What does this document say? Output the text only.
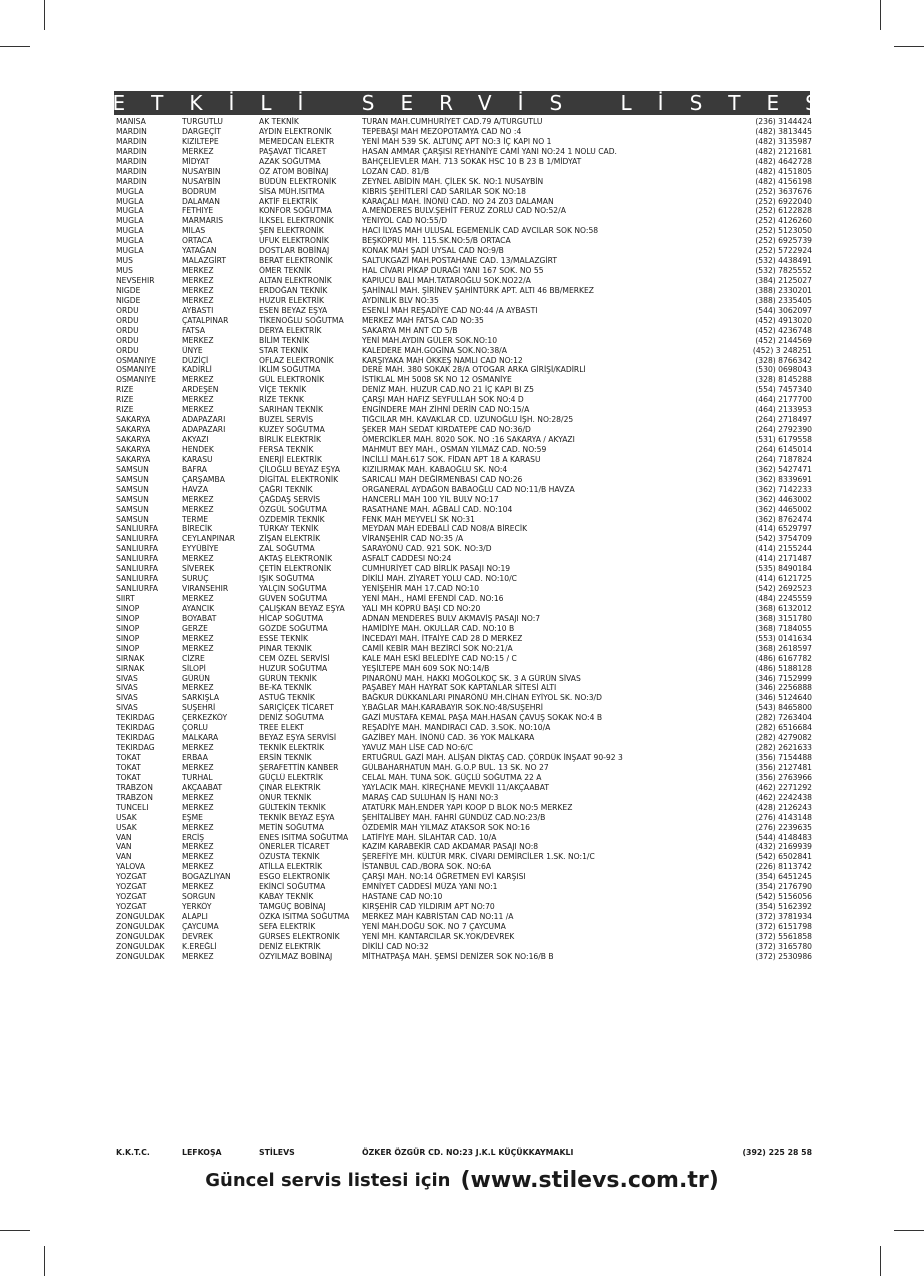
YETKİLİ SERVİS LİSTESİ
MANISA	TURGUTLU	AK TEKNİK	TURAN MAH.CUMHURİYET CAD.79 A/TURGUTLU	(236) 3144424
MARDIN	DARGEÇİT	AYDIN ELEKTRONİK	TEPEBAŞI MAH MEZOPOTAMYA CAD NO :4	(482) 3813445
MARDIN	KIZILTEPE	MEMEDCAN ELEKTR	YENİ MAH 539 SK. ALTUNÇ APT NO:3 İÇ KAPI NO 1	(482) 3135987
MARDIN	MERKEZ	PAŞAVAT TİCARET	HASAN AMMAR ÇARŞISI REYHANİYE CAMİ YANI NO:24 1 NOLU CAD.	(482) 2121681
MARDIN	MİDYAT	AZAK SOĞUTMA	BAHÇELİEVLER MAH. 713 SOKAK HSC 10 B 23 B 1/MİDYAT	(482) 4642728
MARDIN	NUSAYBIN	ÖZ ATOM BOBİNAJ	LOZAN CAD. 81/B	(482) 4151805
MARDIN	NUSAYBİN	BÜDÜN ELEKTRONİK	ZEYNEL ABİDİN MAH. ÇİLEK SK. NO:1 NUSAYBİN	(482) 4156198
MUGLA	BODRUM	SİSA MÜH.ISITMA	KIBRIS ŞEHİTLERİ CAD SARILAR SOK NO:18	(252) 3637676
MUGLA	DALAMAN	AKTİF ELEKTRİK	KARAÇALI MAH. İNÖNÜ CAD. NO 24 Z03 DALAMAN	(252) 6922040
MUGLA	FETHIYE	KONFOR SOĞUTMA	A.MENDERES BULV.ŞEHİT FERUZ ZORLU CAD NO:52/A	(252) 6122828
MUGLA	MARMARIS	İLKSEL ELEKTRONİK	YENIYOL CAD NO:55/D	(252) 4126260
MUGLA	MILAS	ŞEN ELEKTRONİK	HACI İLYAS MAH ULUSAL EGEMENLİK CAD AVCILAR SOK NO:58	(252) 5123050
MUGLA	ORTACA	UFUK ELEKTRONİK	BEŞKÖPRÜ MH. 115.SK.NO:5/B ORTACA	(252) 6925739
MUGLA	YATAĞAN	DOSTLAR BOBİNAJ	KONAK MAH ŞADİ UYSAL CAD NO:9/B	(252) 5722924
MUS	MALAZGİRT	BERAT ELEKTRONİK	SALTUKGAZİ MAH.POSTAHANE CAD. 13/MALAZGİRT	(532) 4438491
MUS	MERKEZ	ÖMER TEKNİK	HAL CİVARI PİKAP DURAĞI YANI 167 SOK. NO 55	(532) 7825552
NEVSEHIR	MERKEZ	ALTAN ELEKTRONİK	KAPIUCU BALI MAH.TATAROĞLU SOK.NO22/A	(384) 2125027
NIGDE	MERKEZ	ERDOĞAN TEKNİK	ŞAHİNALİ MAH. ŞİRİNEV ŞAHİNTÜRK APT. ALTI 46 BB/MERKEZ	(388) 2330201
NIGDE	MERKEZ	HUZUR ELEKTRİK	AYDINLIK BLV NO:35	(388) 2335405
ORDU	AYBASTI	ESEN BEYAZ EŞYA	ESENLİ MAH REŞADİYE CAD NO:44 /A AYBASTI	(544) 3062097
ORDU	ÇATALPINAR	TİKENOĞLU SOĞUTMA	MERKEZ MAH FATSA CAD NO:35	(452) 4913020
ORDU	FATSA	DERYA ELEKTRİK	SAKARYA MH ANT CD 5/B	(452) 4236748
ORDU	MERKEZ	BİLİM TEKNİK	YENİ MAH.AYDIN GÜLER SOK.NO:10	(452) 2144569
ORDU	ÜNYE	STAR TEKNİK	KALEDERE MAH.GOGİNA SOK.NO:38/A	(452) 3 248251
OSMANIYE	DÜZİÇİ	OFLAZ ELEKTRONİK	KARŞIYAKA MAH ÖKKEŞ NAMLI CAD NO:12	(328) 8766342
OSMANIYE	KADİRLİ	İKLİM SOĞUTMA	DERE MAH. 380 SOKAK 28/A OTOGAR ARKA GİRİŞİ/KADİRLİ	(530) 0698043
OSMANIYE	MERKEZ	GÜL ELEKTRONİK	İSTİKLAL MH 5008 SK NO 12 OSMANİYE	(328) 8145288
RIZE	ARDEŞEN	VİÇE TEKNİK	DENİZ MAH. HUZUR CAD.NO 21 İÇ KAPI BI Z5	(554) 7457340
RIZE	MERKEZ	RİZE TEKNK	ÇARŞI MAH HAFIZ SEYFULLAH SOK NO:4 D	(464) 2177700
RIZE	MERKEZ	SARIHAN TEKNİK	ENGİNDERE MAH ZİHNİ DERİN CAD NO:15/A	(464) 2133953
SAKARYA	ADAPAZARI	BUZEL SERVİS	TIĞCILAR MH. KAVAKLAR CD. UZUNOĞLU İŞH. NO:28/25	(264) 2718497
SAKARYA	ADAPAZARI	KUZEY SOĞUTMA	ŞEKER MAH SEDAT KIRDATEPE CAD NO:36/D	(264) 2792390
SAKARYA	AKYAZI	BİRLİK ELEKTRİK	ÖMERCİKLER MAH. 8020 SOK. NO :16 SAKARYA / AKYAZI	(531) 6179558
SAKARYA	HENDEK	FERSA TEKNİK	MAHMUT BEY MAH., OSMAN YILMAZ CAD. NO:59	(264) 6145014
SAKARYA	KARASU	ENERJİ ELEKTRİK	İNCİLLİ MAH.617 SOK. FİDAN APT 18 A KARASU	(264) 7187824
SAMSUN	BAFRA	ÇİLOĞLU BEYAZ EŞYA	KIZILIRMAK MAH. KABAOĞLU SK. NO:4	(362) 5427471
SAMSUN	ÇARŞAMBA	DİGİTAL ELEKTRONİK	SARICALI MAH DEĞİRMENBASI CAD NO:26	(362) 8339691
SAMSUN	HAVZA	ÇAĞRI TEKNİK	ORGANERAL AYDAĞON BABAOĞLU CAD NO:11/B HAVZA	(362) 7142233
SAMSUN	MERKEZ	ÇAĞDAŞ SERVİS	HANCERLI MAH 100 YIL BULV NO:17	(362) 4463002
SAMSUN	MERKEZ	ÖZGÜL SOĞUTMA	RASATHANE MAH. AĞBALİ CAD. NO:104	(362) 4465002
SAMSUN	TERME	ÖZDEMİR TEKNİK	FENK MAH MEYVELİ SK NO:31	(362) 8762474
SANLIURFA	BİRECİK	TÜRKAY TEKNİK	MEYDAN MAH EDEBALİ CAD NO8/A BİRECİK	(414) 6529797
SANLIURFA	CEYLANPINAR	ZİŞAN ELEKTRİK	VİRANŞEHİR CAD NO:35 /A	(542) 3754709
SANLIURFA	EYYÜBİYE	ZAL SOĞUTMA	SARAYÖNÜ CAD. 921 SOK. NO:3/D	(414) 2155244
SANLIURFA	MERKEZ	AKTAŞ ELEKTRONİK	ASFALT CADDESI NO:24	(414) 2171487
SANLIURFA	SİVEREK	ÇETİN ELEKTRONİK	CUMHURİYET CAD BİRLİK PASAJI NO:19	(535) 8490184
SANLIURFA	SURUÇ	IŞIK SOĞUTMA	DİKİLİ MAH. ZİYARET YOLU CAD. NO:10/C	(414) 6121725
SANLIURFA	VIRANSEHIR	YALÇIN SOĞUTMA	YENİŞEHİR MAH 17.CAD NO:10	(542) 2692523
SIIRT	MERKEZ	GÜVEN SOĞUTMA	YENİ MAH., HAMİ EFENDİ CAD. NO:16	(484) 2245559
SINOP	AYANCIK	ÇALIŞKAN BEYAZ EŞYA	YALI MH KÖPRÜ BAŞI CD NO:20	(368) 6132012
SINOP	BOYABAT	HİCAP SOĞUTMA	ADNAN MENDERES BULV AKMAVİŞ PASAJI NO:7	(368) 3151780
SINOP	GERZE	GÖZDE SOĞUTMA	HAMİDİYE MAH. OKULLAR CAD. NO:10 B	(368) 7184055
SINOP	MERKEZ	ESSE TEKNİK	İNCEDAYI MAH. İTFAİYE CAD 28 D MERKEZ	(553) 0141634
SINOP	MERKEZ	PINAR TEKNİK	CAMİİ KEBİR MAH BEZİRCİ SOK NO:21/A	(368) 2618597
SIRNAK	CİZRE	CEM ÖZEL SERVİSİ	KALE MAH ESKİ BELEDİYE CAD NO:15 / C	(486) 6167782
SIRNAK	SİLOPİ	HUZUR SOĞUTMA	YEŞİLTEPE MAH 609 SOK NO:14/B	(486) 5188128
SIVAS	GÜRÜN	GÜRÜN TEKNİK	PINARÖNÜ MAH. HAKKI MOĞOLKOÇ SK. 3 A GÜRÜN SİVAS	(346) 7152999
SIVAS	MERKEZ	BE-KA TEKNİK	PAŞABEY MAH HAYRAT SOK KAPTANLAR SİTESİ ALTI	(346) 2256888
SIVAS	SARKIŞLA	ASTUĞ TEKNİK	BAĞKUR DÜKKANLARI PINARÖNÜ MH.CİHAN EYİYOL SK. NO:3/D	(346) 5124640
SIVAS	SUŞEHRİ	SARIÇİÇEK TİCARET	Y.BAĞLAR MAH.KARABAYIR SOK.NO:48/SUŞEHRİ	(543) 8465800
TEKIRDAG	ÇERKEZKÖY	DENİZ SOĞUTMA	GAZİ MUSTAFA KEMAL PAŞA MAH.HASAN ÇAVUŞ SOKAK NO:4 B	(282) 7263404
TEKIRDAG	ÇORLU	TREE ELEKT	REŞADİYE MAH. MANDIRACI CAD. 3.SOK. NO:10/A	(282) 6516684
TEKIRDAG	MALKARA	BEYAZ EŞYA SERVİSİ	GAZİBEY MAH. İNÖNÜ CAD. 36 YOK MALKARA	(282) 4279082
TEKIRDAG	MERKEZ	TEKNİK ELEKTRİK	YAVUZ MAH LİSE CAD NO:6/C	(282) 2621633
TOKAT	ERBAA	ERSİN TEKNİK	ERTUĞRUL GAZİ MAH. ALİŞAN DİKTAŞ CAD. ÇÖRDÜK İNŞAAT 90-92 3	(356) 7154488
TOKAT	MERKEZ	ŞERAFETTİN KANBER	GÜLBAHARHATUN MAH. G.O.P BUL. 13 SK. NO 27	(356) 2127481
TOKAT	TURHAL	GÜÇLÜ ELEKTRİK	CELAL MAH. TUNA SOK. GÜÇLÜ SOĞUTMA 22 A	(356) 2763966
TRABZON	AKÇAABAT	ÇINAR ELEKTRİK	YAYLACIK MAH. KİREÇHANE MEVKİİ 11/AKÇAABAT	(462) 2271292
TRABZON	MERKEZ	ONUR TEKNİK	MARAŞ CAD SULUHAN İŞ HANI NO:3	(462) 2242438
TUNCELI	MERKEZ	GÜLTEKİN TEKNİK	ATATÜRK MAH.ENDER YAPI KOOP D BLOK NO:5 MERKEZ	(428) 2126243
USAK	EŞME	TEKNİK BEYAZ EŞYA	ŞEHİTALİBEY MAH. FAHRİ GÜNDÜZ CAD.NO:23/B	(276) 4143148
USAK	MERKEZ	METİN SOĞUTMA	ÖZDEMİR MAH YILMAZ ATAKSOR SOK NO:16	(276) 2239635
VAN	ERCİŞ	ENES ISITMA SOĞUTMA	LATİFİYE MAH. SİLAHTAR CAD. 10/A	(544) 4148483
VAN	MERKEZ	ÖNERLER TİCARET	KAZIM KARABEKİR CAD AKDAMAR PASAJI NO:8	(432) 2169939
VAN	MERKEZ	ÖZUSTA TEKNİK	ŞEREFİYE MH. KÜLTÜR MRK. CİVARI DEMİRCİLER 1.SK. NO:1/C	(542) 6502841
YALOVA	MERKEZ	ATİLLA ELEKTRİK	İSTANBUL CAD./BORA SOK. NO:6A	(226) 8113742
YOZGAT	BOGAZLIYAN	ESGO ELEKTRONİK	ÇARŞI MAH. NO:14 ÖĞRETMEN EVİ KARŞISI	(354) 6451245
YOZGAT	MERKEZ	EKİNCİ SOĞUTMA	EMNİYET CADDESİ MÜZA YANI NO:1	(354) 2176790
YOZGAT	SORGUN	KABAY TEKNİK	HASTANE CAD NO:10	(542) 5156056
YOZGAT	YERKÖY	TAMGÜÇ BOBİNAJ	KIRŞEHİR CAD YILDIRIM APT NO:70	(354) 5162392
ZONGULDAK	ALAPLI	ÖZKA ISITMA SOĞUTMA	MERKEZ MAH KABRİSTAN CAD NO:11 /A	(372) 3781934
ZONGULDAK	ÇAYCUMA	SEFA ELEKTRİK	YENİ MAH.DOĞU SOK. NO 7 ÇAYCUMA	(372) 6151798
ZONGULDAK	DEVREK	GÜRSES ELEKTRONİK	YENİ MH. KANTARCILAR SK.YOK/DEVREK	(372) 5561858
ZONGULDAK	K.EREĞLİ	DENİZ ELEKTRİK	DİKİLİ CAD NO:32	(372) 3165780
ZONGULDAK	MERKEZ	ÖZYILMAZ BOBİNAJ	MİTHATPAŞA MAH. ŞEMSİ DENİZER SOK NO:16/B B	(372) 2530986
K.K.T.C.	LEFKOŞA	STİLEVS	ÖZKER ÖZGÜR CD. NO:23 J.K.L KÜÇÜKKAYMAKLI	(392) 225 28 58
Güncel servis listesi için (www.stilevs.com.tr)
